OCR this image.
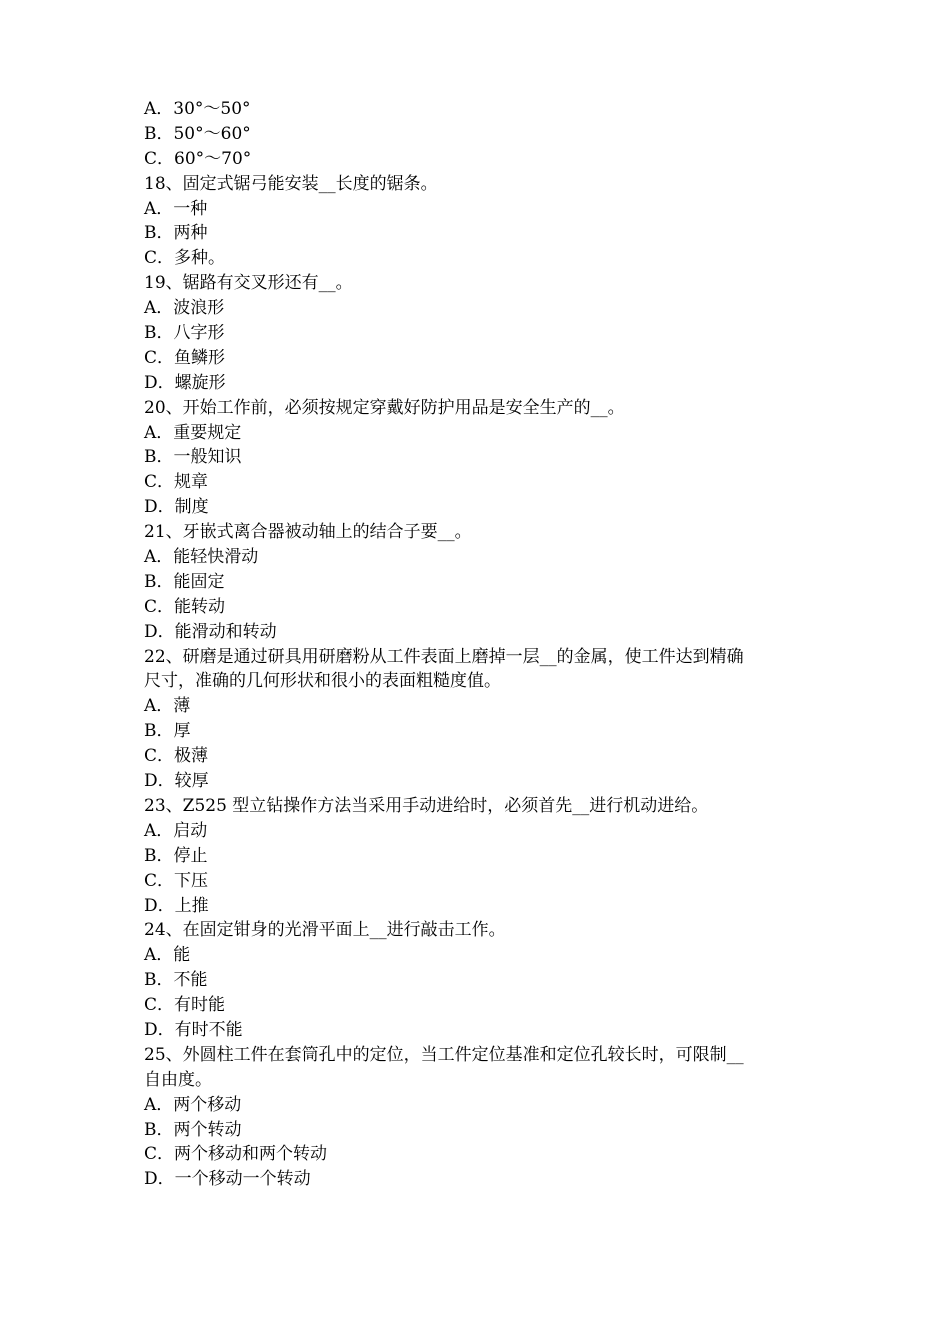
A．30°～50°
B．50°～60°
C．60°～70°
18、固定式锯弓能安装__长度的锯条。
A．一种
B．两种
C．多种。
19、锯路有交叉形还有__。
A．波浪形
B．八字形
C．鱼鳞形
D．螺旋形
20、开始工作前，必须按规定穿戴好防护用品是安全生产的__。
A．重要规定
B．一般知识
C．规章
D．制度
21、牙嵌式离合器被动轴上的结合子要__。
A．能轻快滑动
B．能固定
C．能转动
D．能滑动和转动
22、研磨是通过研具用研磨粉从工件表面上磨掉一层__的金属，使工件达到精确
尺寸，准确的几何形状和很小的表面粗糙度值。
A．薄
B．厚
C．极薄
D．较厚
23、Z525 型立钻操作方法当采用手动进给时，必须首先__进行机动进给。
A．启动
B．停止
C．下压
D．上推
24、在固定钳身的光滑平面上__进行敲击工作。
A．能
B．不能
C．有时能
D．有时不能
25、外圆柱工件在套筒孔中的定位，当工件定位基准和定位孔较长时，可限制__
自由度。
A．两个移动
B．两个转动
C．两个移动和两个转动
D．一个移动一个转动
